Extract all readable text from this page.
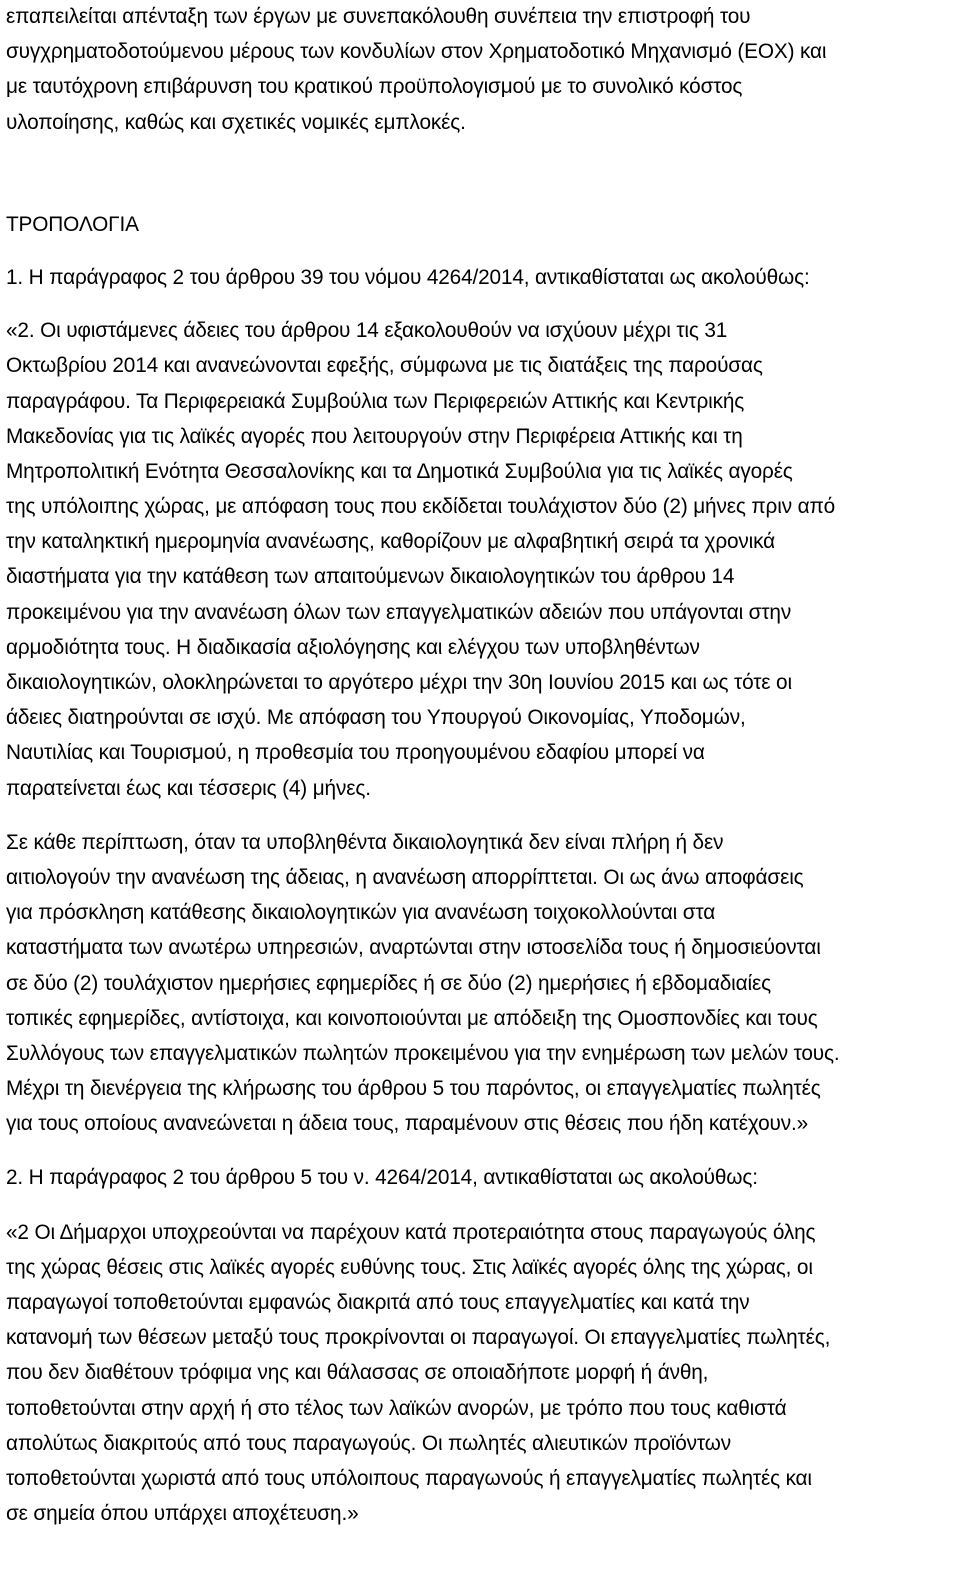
επαπειλείται απένταξη των έργων με συνεπακόλουθη συνέπεια την επιστροφή του
συγχρηματοδοτούμενου μέρους των κονδυλίων στον Χρηματοδοτικό Μηχανισμό (ΕΟΧ) και
με ταυτόχρονη επιβάρυνση του κρατικού προϋπολογισμού με το συνολικό κόστος
υλοποίησης, καθώς και σχετικές νομικές εμπλοκές.
ΤΡΟΠΟΛΟΓΙΑ
1. Η παράγραφος 2 του άρθρου 39 του νόμου 4264/2014, αντικαθίσταται ως ακολούθως:
«2. Οι υφιστάμενες άδειες του άρθρου 14 εξακολουθούν να ισχύουν μέχρι τις 31
Οκτωβρίου 2014 και ανανεώνονται εφεξής, σύμφωνα με τις διατάξεις της παρούσας
παραγράφου. Τα Περιφερειακά Συμβούλια των Περιφερειών Αττικής και Κεντρικής
Μακεδονίας για τις λαϊκές αγορές που λειτουργούν στην Περιφέρεια Αττικής και τη
Μητροπολιτική Ενότητα Θεσσαλονίκης και τα Δημοτικά Συμβούλια για τις λαϊκές αγορές
της υπόλοιπης χώρας, με απόφαση τους που εκδίδεται τουλάχιστον δύο (2) μήνες πριν από
την καταληκτική ημερομηνία ανανέωσης, καθορίζουν με αλφαβητική σειρά τα χρονικά
διαστήματα για την κατάθεση των απαιτούμενων δικαιολογητικών του άρθρου 14
προκειμένου για την ανανέωση όλων των επαγγελματικών αδειών που υπάγονται στην
αρμοδιότητα τους. Η διαδικασία αξιολόγησης και ελέγχου των υποβληθέντων
δικαιολογητικών, ολοκληρώνεται το αργότερο μέχρι την 30η Ιουνίου 2015 και ως τότε οι
άδειες διατηρούνται σε ισχύ. Με απόφαση του Υπουργού Οικονομίας, Υποδομών,
Ναυτιλίας και Τουρισμού, η προθεσμία του προηγουμένου εδαφίου μπορεί να
παρατείνεται έως και τέσσερις (4) μήνες.
Σε κάθε περίπτωση, όταν τα υποβληθέντα δικαιολογητικά δεν είναι πλήρη ή δεν
αιτιολογούν την ανανέωση της άδειας, η ανανέωση απορρίπτεται. Οι ως άνω αποφάσεις
για πρόσκληση κατάθεσης δικαιολογητικών για ανανέωση τοιχοκολλούνται στα
καταστήματα των ανωτέρω υπηρεσιών, αναρτώνται στην ιστοσελίδα τους ή δημοσιεύονται
σε δύο (2) τουλάχιστον ημερήσιες εφημερίδες ή σε δύο (2) ημερήσιες ή εβδομαδιαίες
τοπικές εφημερίδες, αντίστοιχα, και κοινοποιούνται με απόδειξη της Ομοσπονδίες και τους
Συλλόγους των επαγγελματικών πωλητών προκειμένου για την ενημέρωση των μελών τους.
Μέχρι τη διενέργεια της κλήρωσης του άρθρου 5 του παρόντος, οι επαγγελματίες πωλητές
για τους οποίους ανανεώνεται η άδεια τους, παραμένουν στις θέσεις που ήδη κατέχουν.»
2. Η παράγραφος 2 του άρθρου 5 του ν. 4264/2014, αντικαθίσταται ως ακολούθως:
«2 Οι Δήμαρχοι υποχρεούνται να παρέχουν κατά προτεραιότητα στους παραγωγούς όλης
της χώρας θέσεις στις λαϊκές αγορές ευθύνης τους. Στις λαϊκές αγορές όλης της χώρας, οι
παραγωγοί τοποθετούνται εμφανώς διακριτά από τους επαγγελματίες και κατά την
κατανομή των θέσεων μεταξύ τους προκρίνονται οι παραγωγοί. Οι επαγγελματίες πωλητές,
που δεν διαθέτουν τρόφιμα νης και θάλασσας σε οποιαδήποτε μορφή ή άνθη,
τοποθετούνται στην αρχή ή στο τέλος των λαϊκών ανορών, με τρόπο που τους καθιστά
απολύτως διακριτούς από τους παραγωγούς. Οι πωλητές αλιευτικών προϊόντων
τοποθετούνται χωριστά από τους υπόλοιπους παραγωνούς ή επαγγελματίες πωλητές και
σε σημεία όπου υπάρχει αποχέτευση.»
